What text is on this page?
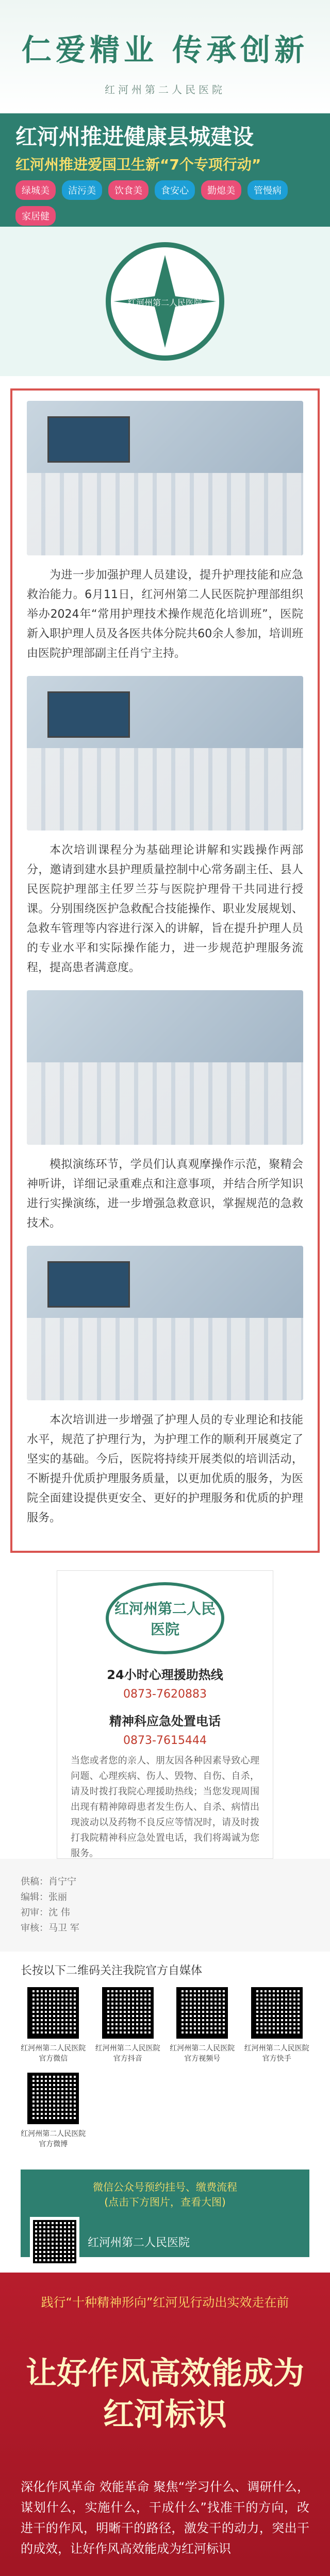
仁爱精业 传承创新
红河州第二人民医院
红河州推进健康县城建设
红河州推进爱国卫生新“7个专项行动”
绿城美	洁污美	饮食美	食安心	勤熄美	管慢病
家居健
红河州第二人民医院

为进一步加强护理人员建设，提升护理技能和应急救治能力。6月11日，红河州第二人民医院护理部组织举办2024年“常用护理技术操作规范化培训班”，医院新入职护理人员及各医共体分院共60余人参加，培训班由医院护理部副主任肖宁主持。

本次培训课程分为基础理论讲解和实践操作两部分，邀请到建水县护理质量控制中心常务副主任、县人民医院护理部主任罗兰芬与医院护理骨干共同进行授课。分别围绕医护急救配合技能操作、职业发展规划、急救车管理等内容进行深入的讲解，旨在提升护理人员的专业水平和实际操作能力，进一步规范护理服务流程，提高患者满意度。

模拟演练环节，学员们认真观摩操作示范，聚精会神听讲，详细记录重难点和注意事项，并结合所学知识进行实操演练，进一步增强急救意识，掌握规范的急救技术。

本次培训进一步增强了护理人员的专业理论和技能水平，规范了护理行为，为护理工作的顺利开展奠定了坚实的基础。今后，医院将持续开展类似的培训活动，不断提升优质护理服务质量，以更加优质的服务，为医院全面建设提供更安全、更好的护理服务和优质的护理服务。

红河州第二人民医院
24小时心理援助热线
0873-7620883
精神科应急处置电话
0873-7615444
当您或者您的亲人、朋友因各种因素导致心理问题、心理疾病、伤人、毁物、自伤、自杀，请及时拨打我院心理援助热线；当您发现周围出现有精神障碍患者发生伤人、自杀、病情出现波动以及药物不良反应等情况时，请及时拨打我院精神科应急处置电话，我们将竭诚为您服务。
供稿：肖宁宁
编辑：张丽
初审：沈 伟
审核：马卫 军
长按以下二维码关注我院官方自媒体
红河州第二人民医院官方微信
红河州第二人民医院官方抖音
红河州第二人民医院官方视频号
红河州第二人民医院官方快手
红河州第二人民医院官方微博
微信公众号预约挂号、缴费流程
(点击下方图片，查看大图)
红河州第二人民医院
践行“十种精神形向”红河见行动出实效走在前
让好作风高效能成为红河标识
深化作风革命 效能革命 聚焦“学习什么、调研什么，谋划什么，实施什么，干成什么”找准干的方向，改进干的作风，明晰干的路径，激发干的动力，突出干的成效，让好作风高效能成为红河标识
